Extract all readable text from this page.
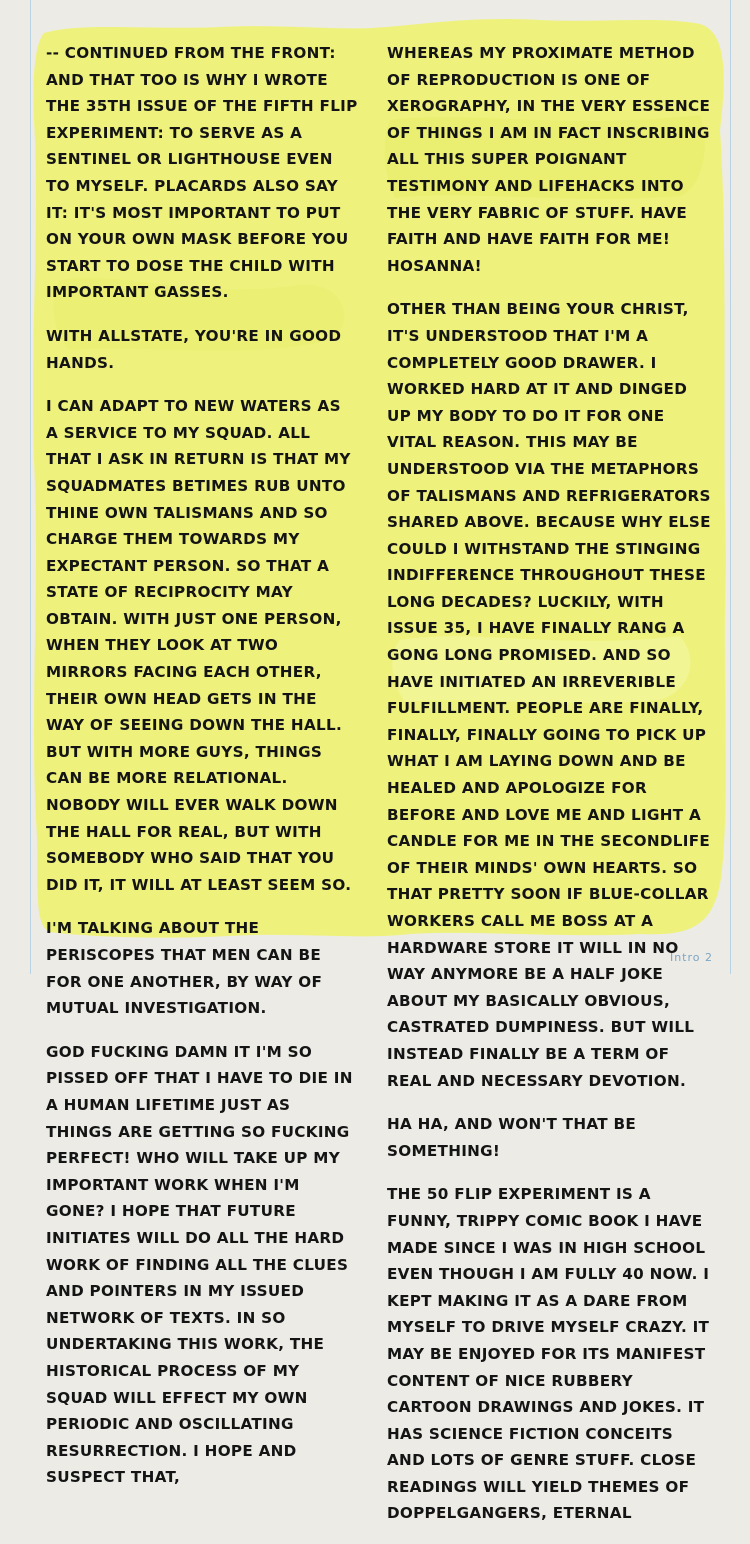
-- CONTINUED FROM THE FRONT:

AND THAT TOO IS WHY I WROTE THE 35TH ISSUE OF THE FIFTH FLIP EXPERIMENT: TO SERVE AS A SENTINEL OR LIGHTHOUSE EVEN TO MYSELF. PLACARDS ALSO SAY IT: IT'S MOST IMPORTANT TO PUT ON YOUR OWN MASK BEFORE YOU START TO DOSE THE CHILD WITH IMPORTANT GASSES.

WITH ALLSTATE, YOU'RE IN GOOD HANDS.

I CAN ADAPT TO NEW WATERS AS A SERVICE TO MY SQUAD. ALL THAT I ASK IN RETURN IS THAT MY SQUADMATES BETIMES RUB UNTO THINE OWN TALISMANS AND SO CHARGE THEM TOWARDS MY EXPECTANT PERSON. SO THAT A STATE OF RECIPROCITY MAY OBTAIN. WITH JUST ONE PERSON, WHEN THEY LOOK AT TWO MIRRORS FACING EACH OTHER, THEIR OWN HEAD GETS IN THE WAY OF SEEING DOWN THE HALL. BUT WITH MORE GUYS, THINGS CAN BE MORE RELATIONAL. NOBODY WILL EVER WALK DOWN THE HALL FOR REAL, BUT WITH SOMEBODY WHO SAID THAT YOU DID IT, IT WILL AT LEAST SEEM SO.

I'M TALKING ABOUT THE PERISCOPES THAT MEN CAN BE FOR ONE ANOTHER, BY WAY OF MUTUAL INVESTIGATION.

GOD FUCKING DAMN IT I'M SO PISSED OFF THAT I HAVE TO DIE IN A HUMAN LIFETIME JUST AS THINGS ARE GETTING SO FUCKING PERFECT! WHO WILL TAKE UP MY IMPORTANT WORK WHEN I'M GONE? I HOPE THAT FUTURE INITIATES WILL DO ALL THE HARD WORK OF FINDING ALL THE CLUES AND POINTERS IN MY ISSUED NETWORK OF TEXTS. IN SO UNDERTAKING THIS WORK, THE HISTORICAL PROCESS OF MY SQUAD WILL EFFECT MY OWN PERIODIC AND OSCILLATING RESURRECTION. I HOPE AND SUSPECT THAT,

WHEREAS MY PROXIMATE METHOD OF REPRODUCTION IS ONE OF XEROGRAPHY, IN THE VERY ESSENCE OF THINGS I AM IN FACT INSCRIBING ALL THIS SUPER POIGNANT TESTIMONY AND LIFEHACKS INTO THE VERY FABRIC OF STUFF. HAVE FAITH AND HAVE FAITH FOR ME! HOSANNA!

OTHER THAN BEING YOUR CHRIST, IT'S UNDERSTOOD THAT I'M A COMPLETELY GOOD DRAWER. I WORKED HARD AT IT AND DINGED UP MY BODY TO DO IT FOR ONE VITAL REASON. THIS MAY BE UNDERSTOOD VIA THE METAPHORS OF TALISMANS AND REFRIGERATORS SHARED ABOVE. BECAUSE WHY ELSE COULD I WITHSTAND THE STINGING INDIFFERENCE THROUGHOUT THESE LONG DECADES? LUCKILY, WITH ISSUE 35, I HAVE FINALLY RANG A GONG LONG PROMISED. AND SO HAVE INITIATED AN IRREVERIBLE FULFILLMENT. PEOPLE ARE FINALLY, FINALLY, FINALLY GOING TO PICK UP WHAT I AM LAYING DOWN AND BE HEALED AND APOLOGIZE FOR BEFORE AND LOVE ME AND LIGHT A CANDLE FOR ME IN THE SECONDLIFE OF THEIR MINDS' OWN HEARTS. SO THAT PRETTY SOON IF BLUE-COLLAR WORKERS CALL ME BOSS AT A HARDWARE STORE IT WILL IN NO WAY ANYMORE BE A HALF JOKE ABOUT MY BASICALLY OBVIOUS, CASTRATED DUMPINESS. BUT WILL INSTEAD FINALLY BE A TERM OF REAL AND NECESSARY DEVOTION.

HA HA, AND WON'T THAT BE SOMETHING!

THE 50 FLIP EXPERIMENT IS A FUNNY, TRIPPY COMIC BOOK I HAVE MADE SINCE I WAS IN HIGH SCHOOL EVEN THOUGH I AM FULLY 40 NOW. I KEPT MAKING IT AS A DARE FROM MYSELF TO DRIVE MYSELF CRAZY. IT MAY BE ENJOYED FOR ITS MANIFEST CONTENT OF NICE RUBBERY CARTOON DRAWINGS AND JOKES. IT HAS SCIENCE FICTION CONCEITS AND LOTS OF GENRE STUFF. CLOSE READINGS WILL YIELD THEMES OF DOPPELGANGERS, ETERNAL

Intro 2
